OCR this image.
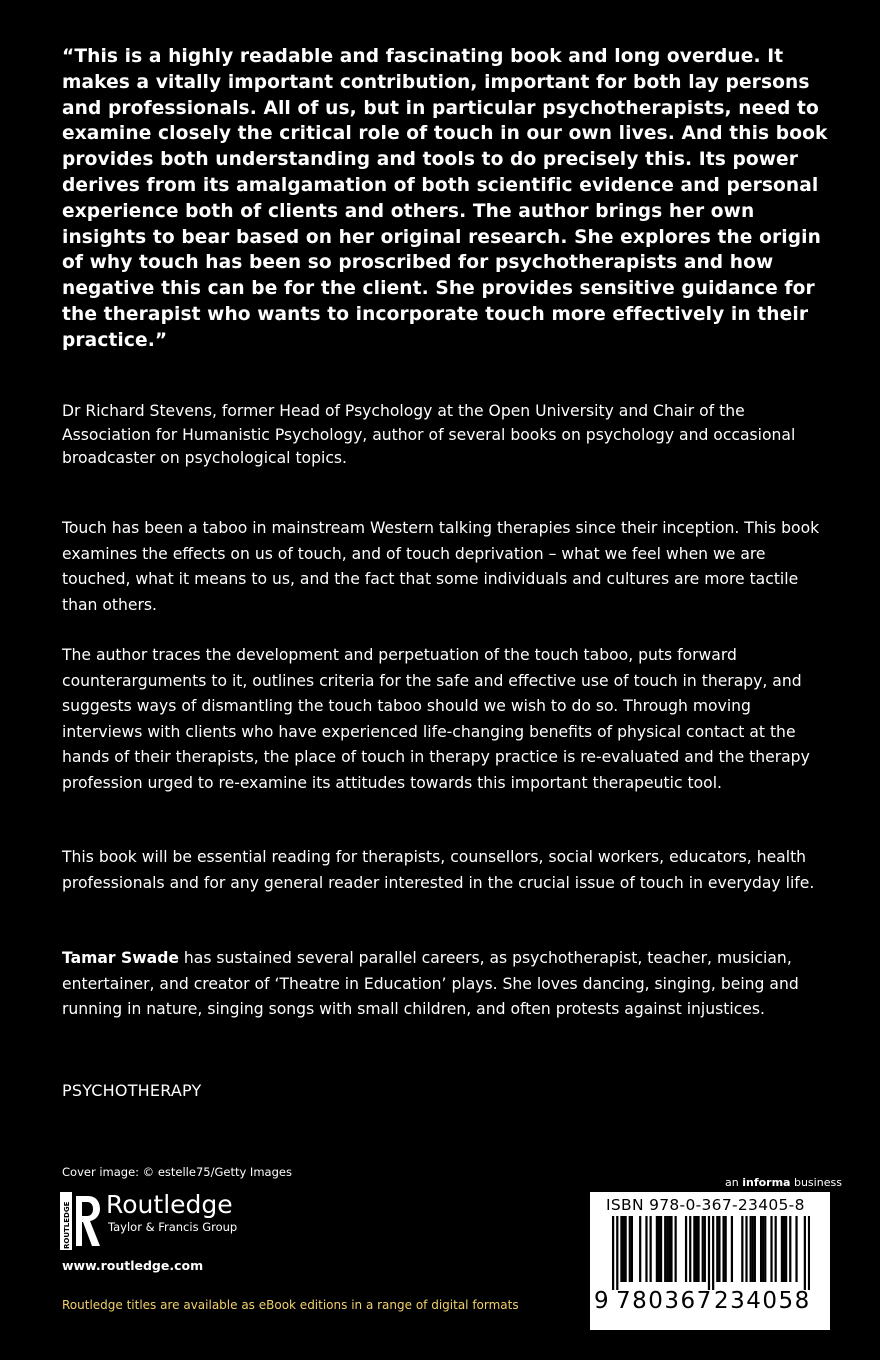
“This is a highly readable and fascinating book and long overdue. It makes a vitally important contribution, important for both lay persons and professionals. All of us, but in particular psychotherapists, need to examine closely the critical role of touch in our own lives. And this book provides both understanding and tools to do precisely this. Its power derives from its amalgamation of both scientific evidence and personal experience both of clients and others. The author brings her own insights to bear based on her original research. She explores the origin of why touch has been so proscribed for psychotherapists and how negative this can be for the client. She provides sensitive guidance for the therapist who wants to incorporate touch more effectively in their practice.”

Dr Richard Stevens, former Head of Psychology at the Open University and Chair of the Association for Humanistic Psychology, author of several books on psychology and occasional broadcaster on psychological topics.

Touch has been a taboo in mainstream Western talking therapies since their inception. This book examines the effects on us of touch, and of touch deprivation – what we feel when we are touched, what it means to us, and the fact that some individuals and cultures are more tactile than others.

The author traces the development and perpetuation of the touch taboo, puts forward counterarguments to it, outlines criteria for the safe and effective use of touch in therapy, and suggests ways of dismantling the touch taboo should we wish to do so. Through moving interviews with clients who have experienced life-changing benefits of physical contact at the hands of their therapists, the place of touch in therapy practice is re-evaluated and the therapy profession urged to re-examine its attitudes towards this important therapeutic tool.

This book will be essential reading for therapists, counsellors, social workers, educators, health professionals and for any general reader interested in the crucial issue of touch in everyday life.

Tamar Swade has sustained several parallel careers, as psychotherapist, teacher, musician, entertainer, and creator of ‘Theatre in Education’ plays. She loves dancing, singing, being and running in nature, singing songs with small children, and often protests against injustices.

PSYCHOTHERAPY

Cover image: © estelle75/Getty Images

ROUTLEDGE Routledge

Taylor & Francis Group

www.routledge.com

Routledge titles are available as eBook editions in a range of digital formats

an informa business

ISBN 978-0-367-23405-8

9 780367 234058
